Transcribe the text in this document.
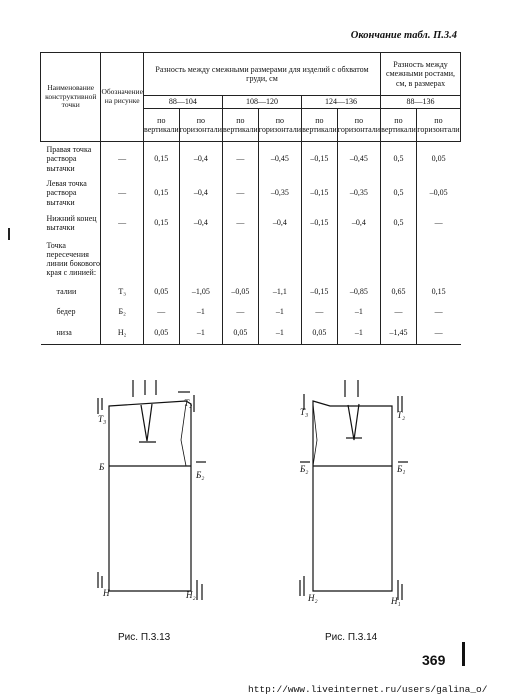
Окончание табл. П.3.4
Наименование конструктивной точки	Обозначение на рисунке	Разность между смежными размерами для изделий с обхватом груди, см						Разность между смежными ростами, см, в размерах	
		88—104		108—120		124—136		88—136	
		по вертикали	по горизонтали	по вертикали	по горизонтали	по вертикали	по горизонтали	по вертикали	по горизонтали
Правая точка раствора вытачки	—	0,15	–0,4	—	–0,45	–0,15	–0,45	0,5	0,05
Левая точка раствора вытачки	—	0,15	–0,4	—	–0,35	–0,15	–0,35	0,5	–0,05
Нижний конец вытачки	—	0,15	–0,4	—	–0,4	–0,15	–0,4	0,5	—
Точка пересечения линии бокового края с линией:									
талии	Т₃	0,05	–1,05	–0,05	–1,1	–0,15	–0,85	0,65	0,15
бедер	Б₂	—	–1	—	–1	—	–1	—	—
низа	Н₂	0,05	–1	0,05	–1	0,05	–1	–1,45	—
Т₃
Т₂
Б
Б₂
Н	Н₂
Т₃	Т₂
Б₂	Б₁
Н₂	Н₁
Рис. П.3.13	Рис. П.3.14
369
http://www.liveinternet.ru/users/galina_o/
